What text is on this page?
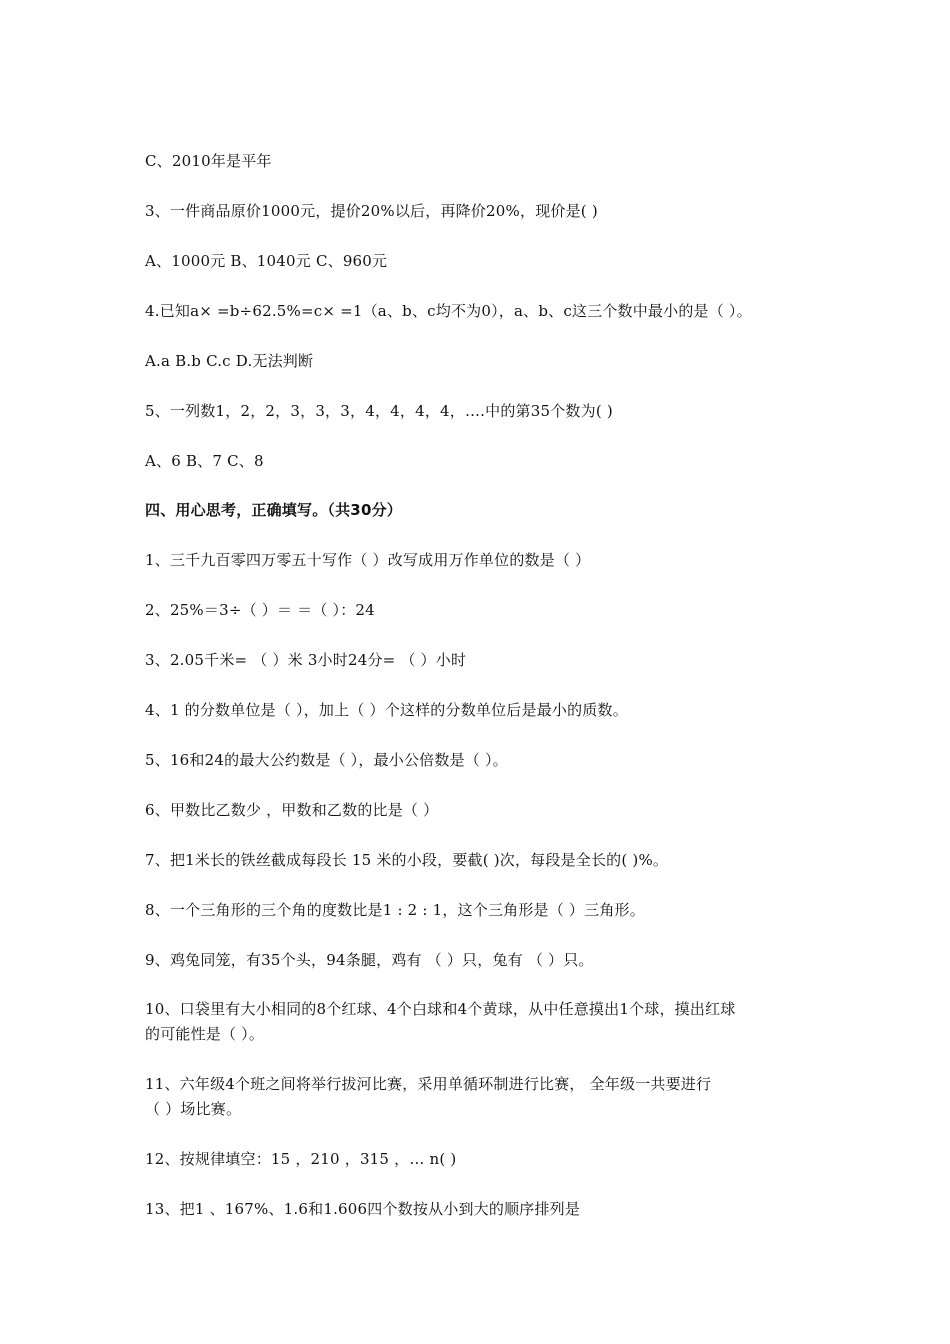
C、2010年是平年
3、一件商品原价1000元，提价20%以后，再降价20%，现价是( )
A、1000元 B、1040元 C、960元
4.已知a× =b÷62.5%=c× =1（a、b、c均不为0），a、b、c这三个数中最小的是（ ）。
A.a B.b C.c D.无法判断
5、一列数1，2，2，3，3，3，4，4，4，4，….中的第35个数为( )
A、6 B、7 C、8
四、用心思考，正确填写。（共30分）
1、三千九百零四万零五十写作（ ）改写成用万作单位的数是（ ）
2、25%＝3÷（ ）＝ ＝（ ）：24
3、2.05千米= （ ）米 3小时24分= （ ）小时
4、1 的分数单位是（ ），加上（ ）个这样的分数单位后是最小的质数。
5、16和24的最大公约数是（ ），最小公倍数是（ ）。
6、甲数比乙数少 ，甲数和乙数的比是（ ）
7、把1米长的铁丝截成每段长 15 米的小段，要截( )次，每段是全长的( )%。
8、一个三角形的三个角的度数比是1 : 2 : 1，这个三角形是（ ）三角形。
9、鸡兔同笼，有35个头，94条腿，鸡有 （ ）只，兔有 （ ）只。
10、口袋里有大小相同的8个红球、4个白球和4个黄球，从中任意摸出1个球，摸出红球
的可能性是（ ）。
11、六年级4个班之间将举行拔河比赛，采用单循环制进行比赛， 全年级一共要进行
（ ）场比赛。
12、按规律填空：15 ，210 ，315 ，… n( )
13、把1 、167%、1.6和1.606四个数按从小到大的顺序排列是
